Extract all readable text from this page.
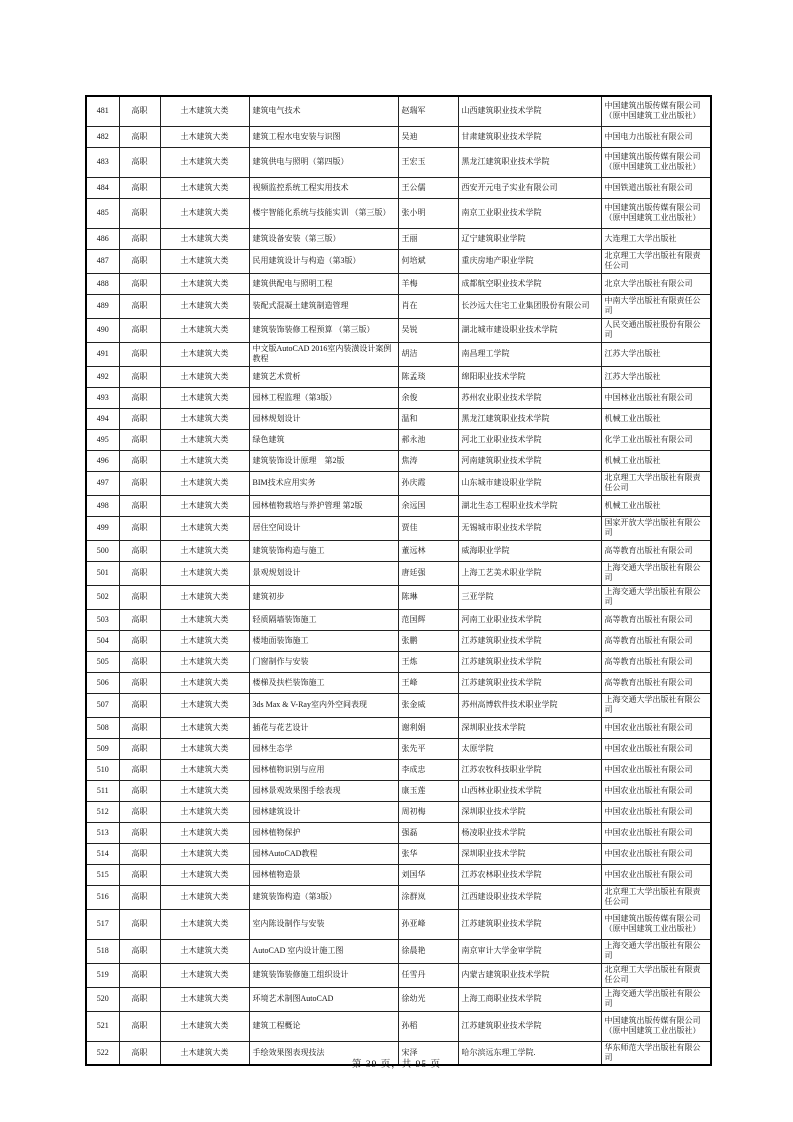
481	高职	土木建筑大类	建筑电气技术	赵瑞军	山西建筑职业技术学院	中国建筑出版传媒有限公司（原中国建筑工业出版社）
482	高职	土木建筑大类	建筑工程水电安装与识图	吴迪	甘肃建筑职业技术学院	中国电力出版社有限公司
483	高职	土木建筑大类	建筑供电与照明（第四版）	王宏玉	黑龙江建筑职业技术学院	中国建筑出版传媒有限公司（原中国建筑工业出版社）
484	高职	土木建筑大类	视频监控系统工程实用技术	王公儒	西安开元电子实业有限公司	中国铁道出版社有限公司
485	高职	土木建筑大类	楼宇智能化系统与技能实训 （第三版）	张小明	南京工业职业技术学院	中国建筑出版传媒有限公司（原中国建筑工业出版社）
486	高职	土木建筑大类	建筑设备安装（第三版）	王丽	辽宁建筑职业学院	大连理工大学出版社
487	高职	土木建筑大类	民用建筑设计与构造（第3版）	何培斌	重庆房地产职业学院	北京理工大学出版社有限责任公司
488	高职	土木建筑大类	建筑供配电与照明工程	羊梅	成都航空职业技术学院	北京大学出版社有限公司
489	高职	土木建筑大类	装配式混凝土建筑制造管理	肖在	长沙远大住宅工业集团股份有限公司	中南大学出版社有限责任公司
490	高职	土木建筑大类	建筑装饰装修工程预算 （第三版）	吴锐	湖北城市建设职业技术学院	人民交通出版社股份有限公司
491	高职	土木建筑大类	中文版AutoCAD 2016室内装潢设计案例教程	胡洁	南昌理工学院	江苏大学出版社
492	高职	土木建筑大类	建筑艺术赏析	陈孟琰	绵阳职业技术学院	江苏大学出版社
493	高职	土木建筑大类	园林工程监理（第3版）	余俊	苏州农业职业技术学院	中国林业出版社有限公司
494	高职	土木建筑大类	园林规划设计	温和	黑龙江建筑职业技术学院	机械工业出版社
495	高职	土木建筑大类	绿色建筑	郝永池	河北工业职业技术学院	化学工业出版社有限公司
496	高职	土木建筑大类	建筑装饰设计原理　第2版	焦涛	河南建筑职业技术学院	机械工业出版社
497	高职	土木建筑大类	BIM技术应用实务	孙庆霞	山东城市建设职业学院	北京理工大学出版社有限责任公司
498	高职	土木建筑大类	园林植物栽培与养护管理 第2版	余远国	湖北生态工程职业技术学院	机械工业出版社
499	高职	土木建筑大类	居住空间设计	贾佳	无锡城市职业技术学院	国家开放大学出版社有限公司
500	高职	土木建筑大类	建筑装饰构造与施工	董远林	威海职业学院	高等教育出版社有限公司
501	高职	土木建筑大类	景观规划设计	唐廷强	上海工艺美术职业学院	上海交通大学出版社有限公司
502	高职	土木建筑大类	建筑初步	陈琳	三亚学院	上海交通大学出版社有限公司
503	高职	土木建筑大类	轻质隔墙装饰施工	范国辉	河南工业职业技术学院	高等教育出版社有限公司
504	高职	土木建筑大类	楼地面装饰施工	张鹏	江苏建筑职业技术学院	高等教育出版社有限公司
505	高职	土木建筑大类	门窗制作与安装	王炼	江苏建筑职业技术学院	高等教育出版社有限公司
506	高职	土木建筑大类	楼梯及扶栏装饰施工	王峰	江苏建筑职业技术学院	高等教育出版社有限公司
507	高职	土木建筑大类	3ds Max & V-Ray室内外空间表现	张金威	苏州高博软件技术职业学院	上海交通大学出版社有限公司
508	高职	土木建筑大类	插花与花艺设计	谢利娟	深圳职业技术学院	中国农业出版社有限公司
509	高职	土木建筑大类	园林生态学	张先平	太原学院	中国农业出版社有限公司
510	高职	土木建筑大类	园林植物识别与应用	李成忠	江苏农牧科技职业学院	中国农业出版社有限公司
511	高职	土木建筑大类	园林景观效果图手绘表现	康玉莲	山西林业职业技术学院	中国农业出版社有限公司
512	高职	土木建筑大类	园林建筑设计	周初梅	深圳职业技术学院	中国农业出版社有限公司
513	高职	土木建筑大类	园林植物保护	强磊	杨凌职业技术学院	中国农业出版社有限公司
514	高职	土木建筑大类	园林AutoCAD教程	张华	深圳职业技术学院	中国农业出版社有限公司
515	高职	土木建筑大类	园林植物造景	刘国华	江苏农林职业技术学院	中国农业出版社有限公司
516	高职	土木建筑大类	建筑装饰构造（第3版）	涂群岚	江西建设职业技术学院	北京理工大学出版社有限责任公司
517	高职	土木建筑大类	室内陈设制作与安装	孙亚峰	江苏建筑职业技术学院	中国建筑出版传媒有限公司（原中国建筑工业出版社）
518	高职	土木建筑大类	AutoCAD 室内设计施工图	徐晨艳	南京审计大学金审学院	上海交通大学出版社有限公司
519	高职	土木建筑大类	建筑装饰装修施工组织设计	任雪丹	内蒙古建筑职业技术学院	北京理工大学出版社有限责任公司
520	高职	土木建筑大类	环境艺术制图AutoCAD	徐幼光	上海工商职业技术学院	上海交通大学出版社有限公司
521	高职	土木建筑大类	建筑工程概论	孙稻	江苏建筑职业技术学院	中国建筑出版传媒有限公司（原中国建筑工业出版社）
522	高职	土木建筑大类	手绘效果图表现技法	宋泽	哈尔滨远东理工学院.	华东师范大学出版社有限公司
第 39 页，共 95 页
